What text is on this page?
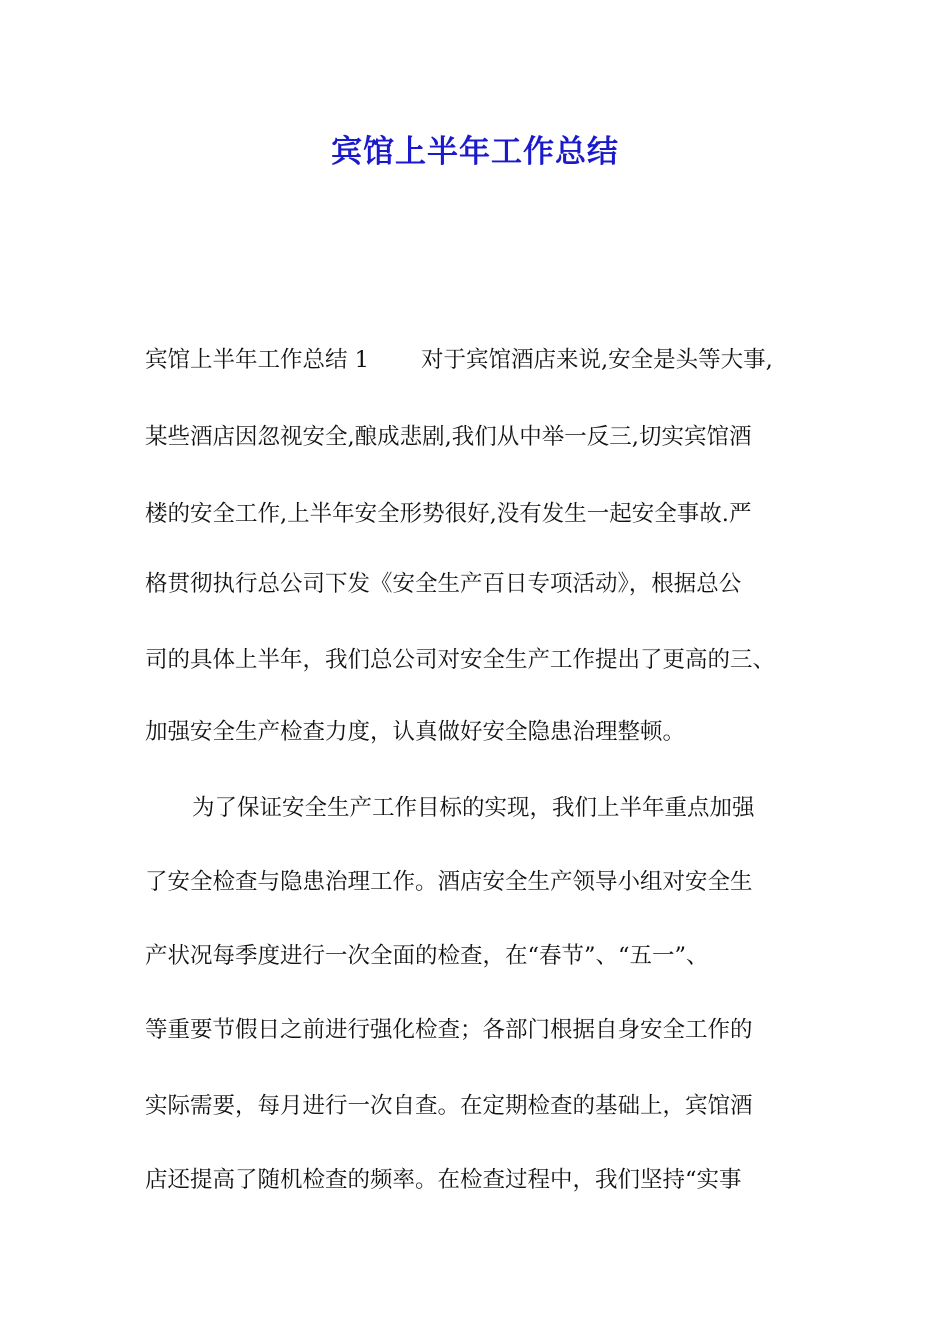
宾馆上半年工作总结
宾馆上半年工作总结 1 对于宾馆酒店来说,安全是头等大事,
某些酒店因忽视安全,酿成悲剧,我们从中举一反三,切实宾馆酒
楼的安全工作,上半年安全形势很好,没有发生一起安全事故.严
格贯彻执行总公司下发《安全生产百日专项活动》，根据总公
司的具体上半年，我们总公司对安全生产工作提出了更高的三、
加强安全生产检查力度，认真做好安全隐患治理整顿。
为了保证安全生产工作目标的实现，我们上半年重点加强
了安全检查与隐患治理工作。酒店安全生产领导小组对安全生
产状况每季度进行一次全面的检查，在“春节”、“五一”、
等重要节假日之前进行强化检查；各部门根据自身安全工作的
实际需要，每月进行一次自查。在定期检查的基础上，宾馆酒
店还提高了随机检查的频率。在检查过程中，我们坚持“实事
